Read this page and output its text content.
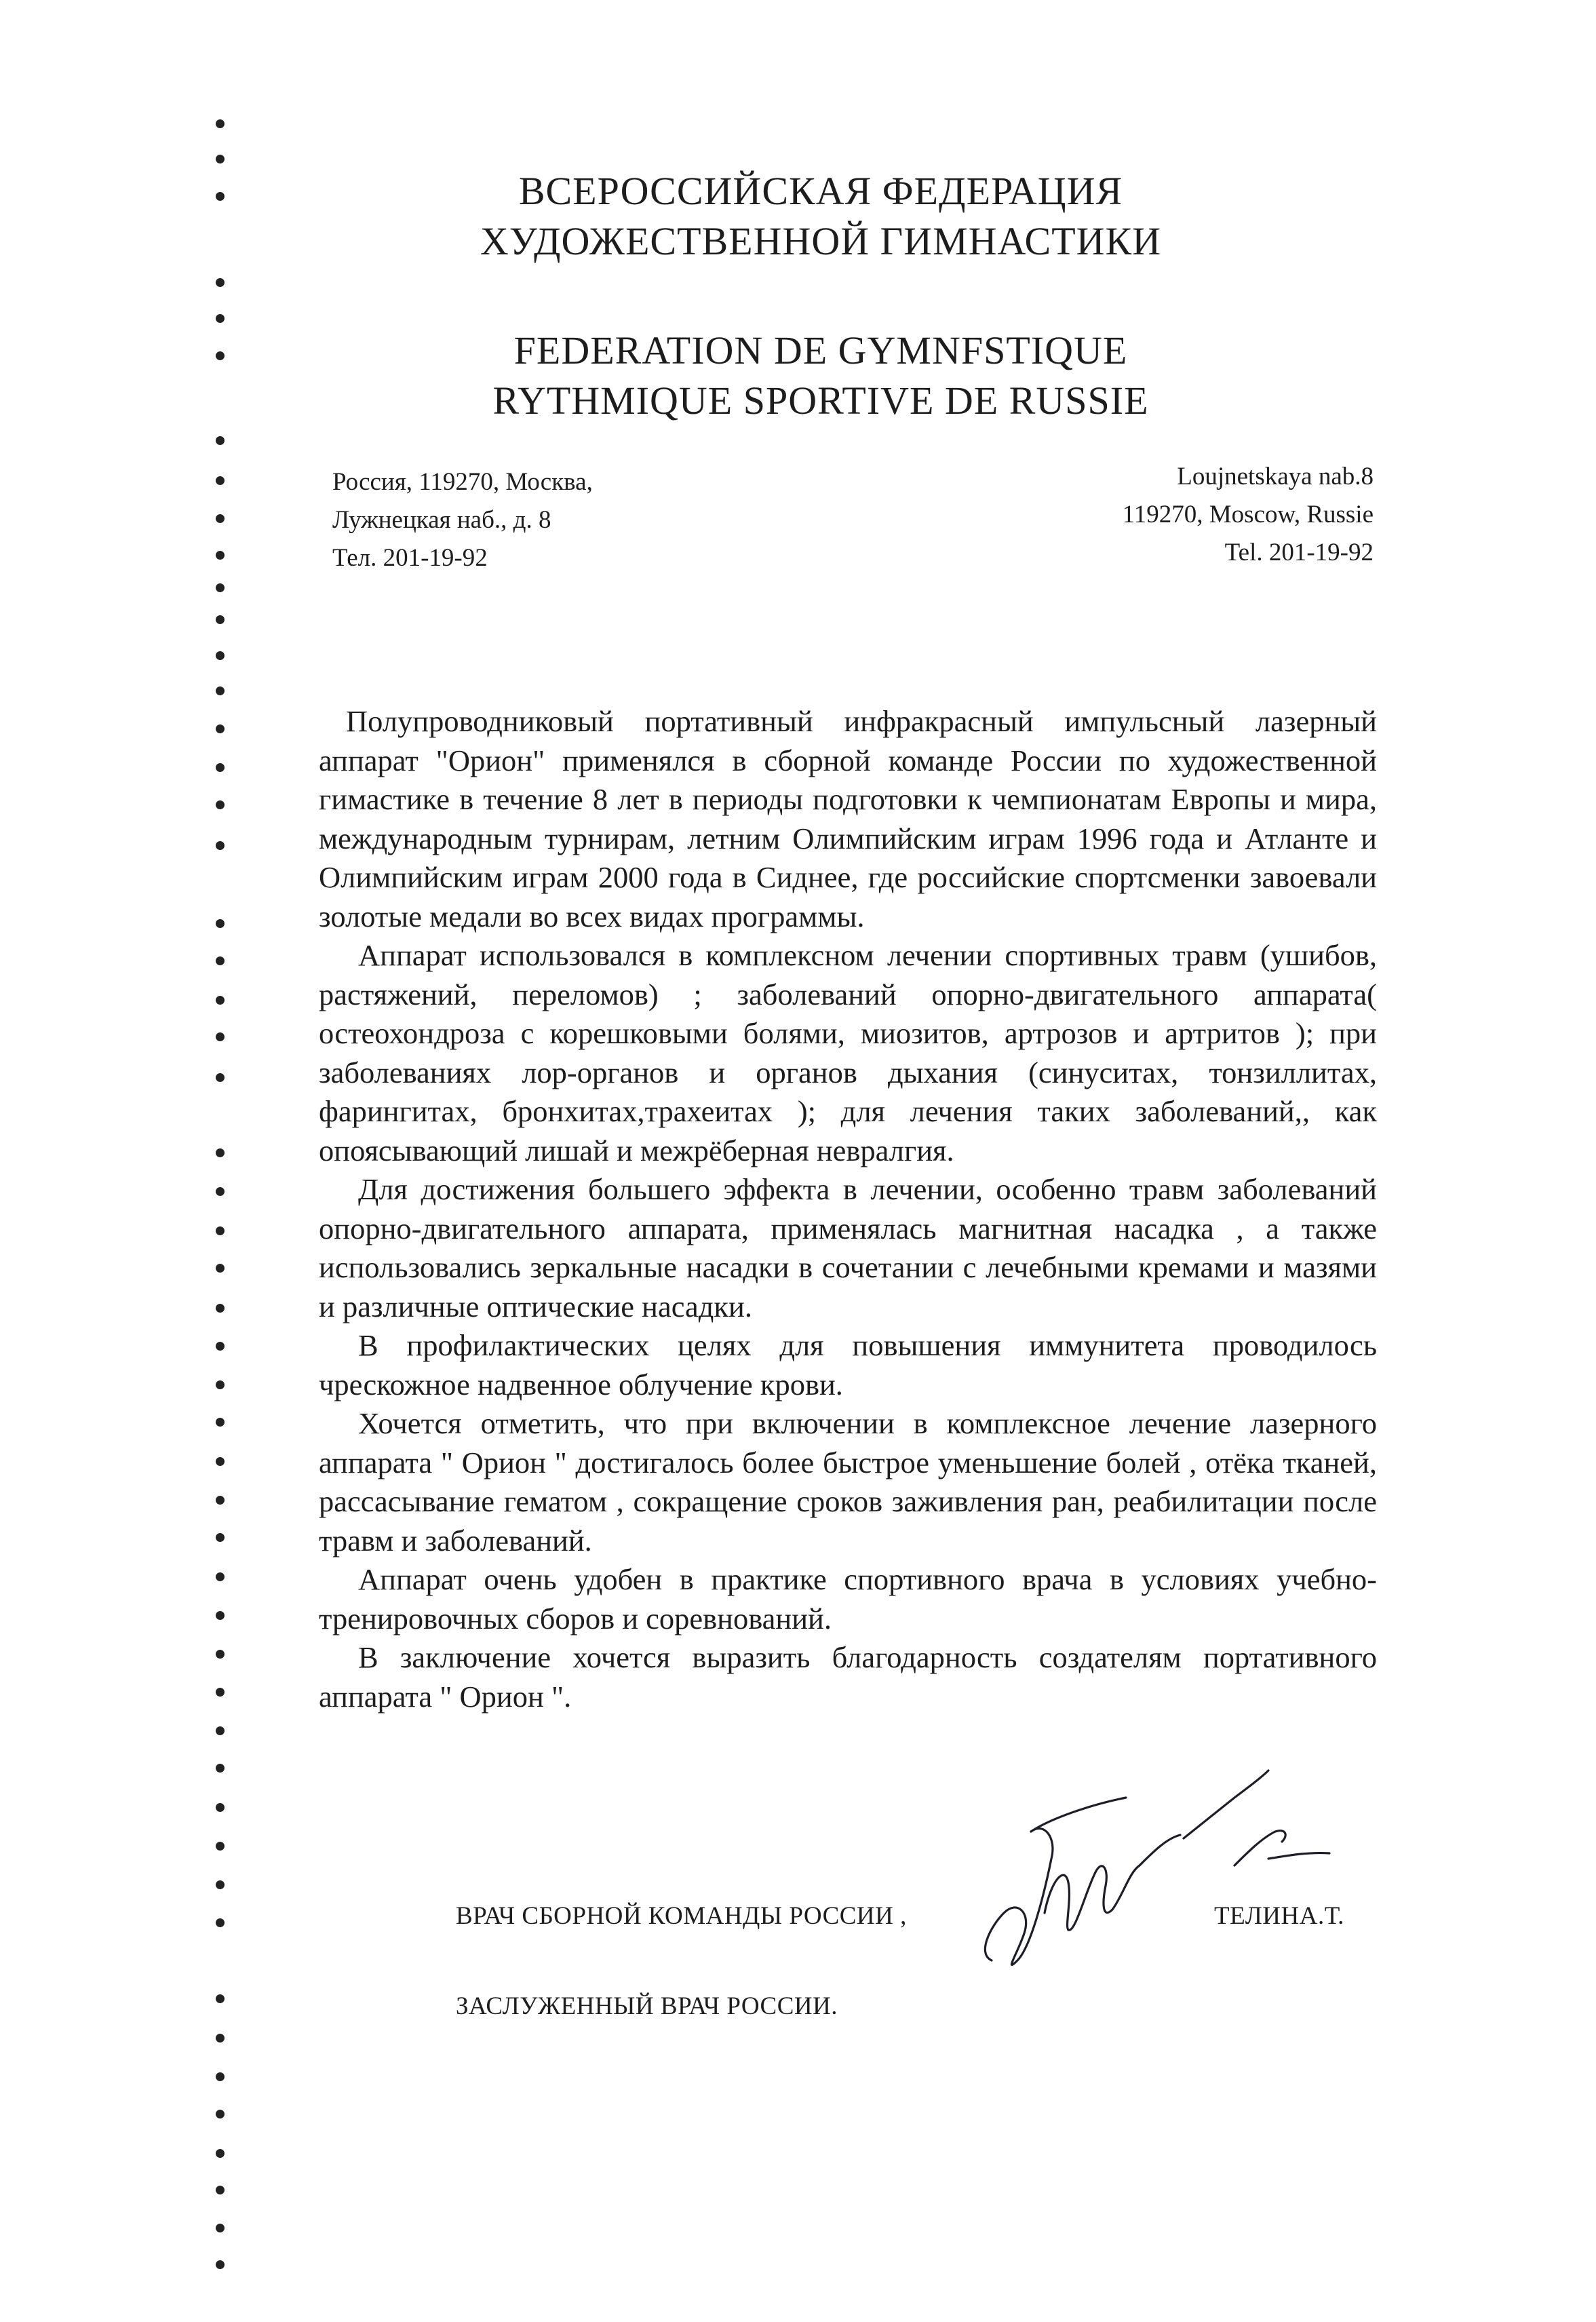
ВСЕРОССИЙСКАЯ ФЕДЕРАЦИЯ
ХУДОЖЕСТВЕННОЙ ГИМНАСТИКИ
FEDERATION DE GYMNFSTIQUE
RYTHMIQUE SPORTIVE DE RUSSIE
Россия, 119270, Москва,
Лужнецкая наб., д. 8
Тел. 201-19-92
Loujnetskaya nab.8
119270, Moscow, Russie
Tel. 201-19-92

Полупроводниковый портативный инфракрасный импульсный лазерный аппарат "Орион" применялся в сборной команде России по художественной гимастике в течение 8 лет в периоды подготовки к чемпионатам Европы и мира, международным турнирам, летним Олимпийским играм 1996 года и Атланте и Олимпийским играм 2000 года в Сиднее, где российские спортсменки завоевали золотые медали во всех видах программы.

Аппарат использовался в комплексном лечении спортивных травм (ушибов, растяжений, переломов) ; заболеваний опорно-двигательного аппарата( остеохондроза с корешковыми болями, миозитов, артрозов и артритов ); при заболеваниях лор-органов и органов дыхания (синуситах, тонзиллитах, фарингитах, бронхитах,трахеитах ); для лечения таких заболеваний,, как опоясывающий лишай и межрёберная невралгия.

Для достижения большего эффекта в лечении, особенно травм заболеваний опорно-двигательного аппарата, применялась магнитная насадка , а также использовались зеркальные насадки в сочетании с лечебными кремами и мазями и различные оптические насадки.

В профилактических целях для повышения иммунитета проводилось чрескожное надвенное облучение крови.

Хочется отметить, что при включении в комплексное лечение лазерного аппарата " Орион " достигалось более быстрое уменьшение болей , отёка тканей, рассасывание гематом , сокращение сроков заживления ран, реабилитации после травм и заболеваний.

Аппарат очень удобен в практике спортивного врача в условиях учебно-тренировочных сборов и соревнований.

В заключение хочется выразить благодарность создателям портативного аппарата " Орион ".

ВРАЧ СБОРНОЙ КОМАНДЫ РОССИИ ,
ЗАСЛУЖЕННЫЙ ВРАЧ РОССИИ.
ТЕЛИНА.Т.
